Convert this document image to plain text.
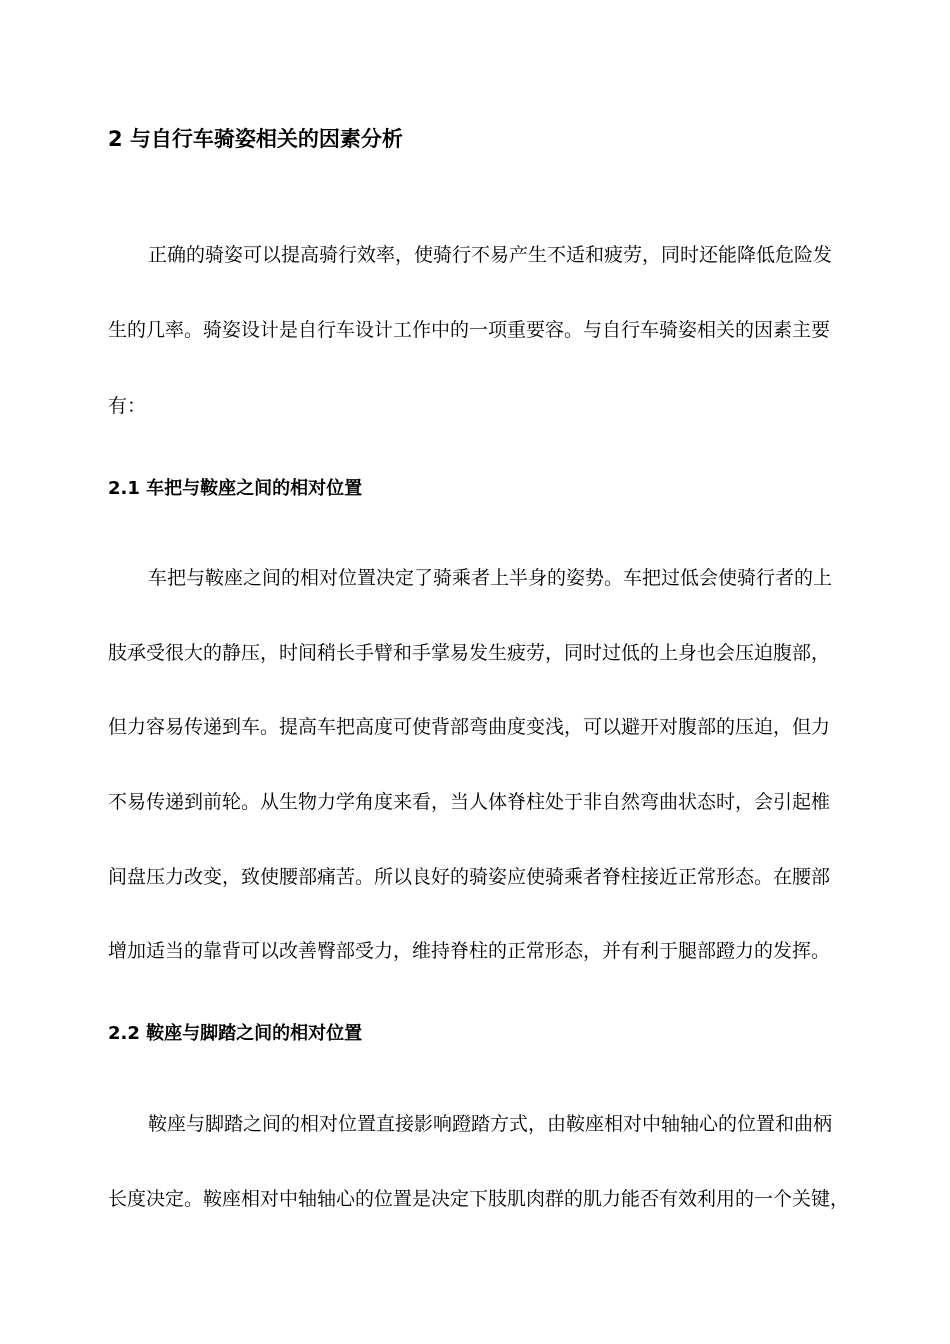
2 与自行车骑姿相关的因素分析
正确的骑姿可以提高骑行效率，使骑行不易产生不适和疲劳，同时还能降低危险发
生的几率。骑姿设计是自行车设计工作中的一项重要容。与自行车骑姿相关的因素主要
有：
2.1 车把与鞍座之间的相对位置
车把与鞍座之间的相对位置决定了骑乘者上半身的姿势。车把过低会使骑行者的上
肢承受很大的静压，时间稍长手臂和手掌易发生疲劳，同时过低的上身也会压迫腹部，
但力容易传递到车。提高车把高度可使背部弯曲度变浅，可以避开对腹部的压迫，但力
不易传递到前轮。从生物力学角度来看，当人体脊柱处于非自然弯曲状态时，会引起椎
间盘压力改变，致使腰部痛苦。所以良好的骑姿应使骑乘者脊柱接近正常形态。在腰部
增加适当的靠背可以改善臀部受力，维持脊柱的正常形态，并有利于腿部蹬力的发挥。
2.2 鞍座与脚踏之间的相对位置
鞍座与脚踏之间的相对位置直接影响蹬踏方式，由鞍座相对中轴轴心的位置和曲柄
长度决定。鞍座相对中轴轴心的位置是决定下肢肌肉群的肌力能否有效利用的一个关键，
